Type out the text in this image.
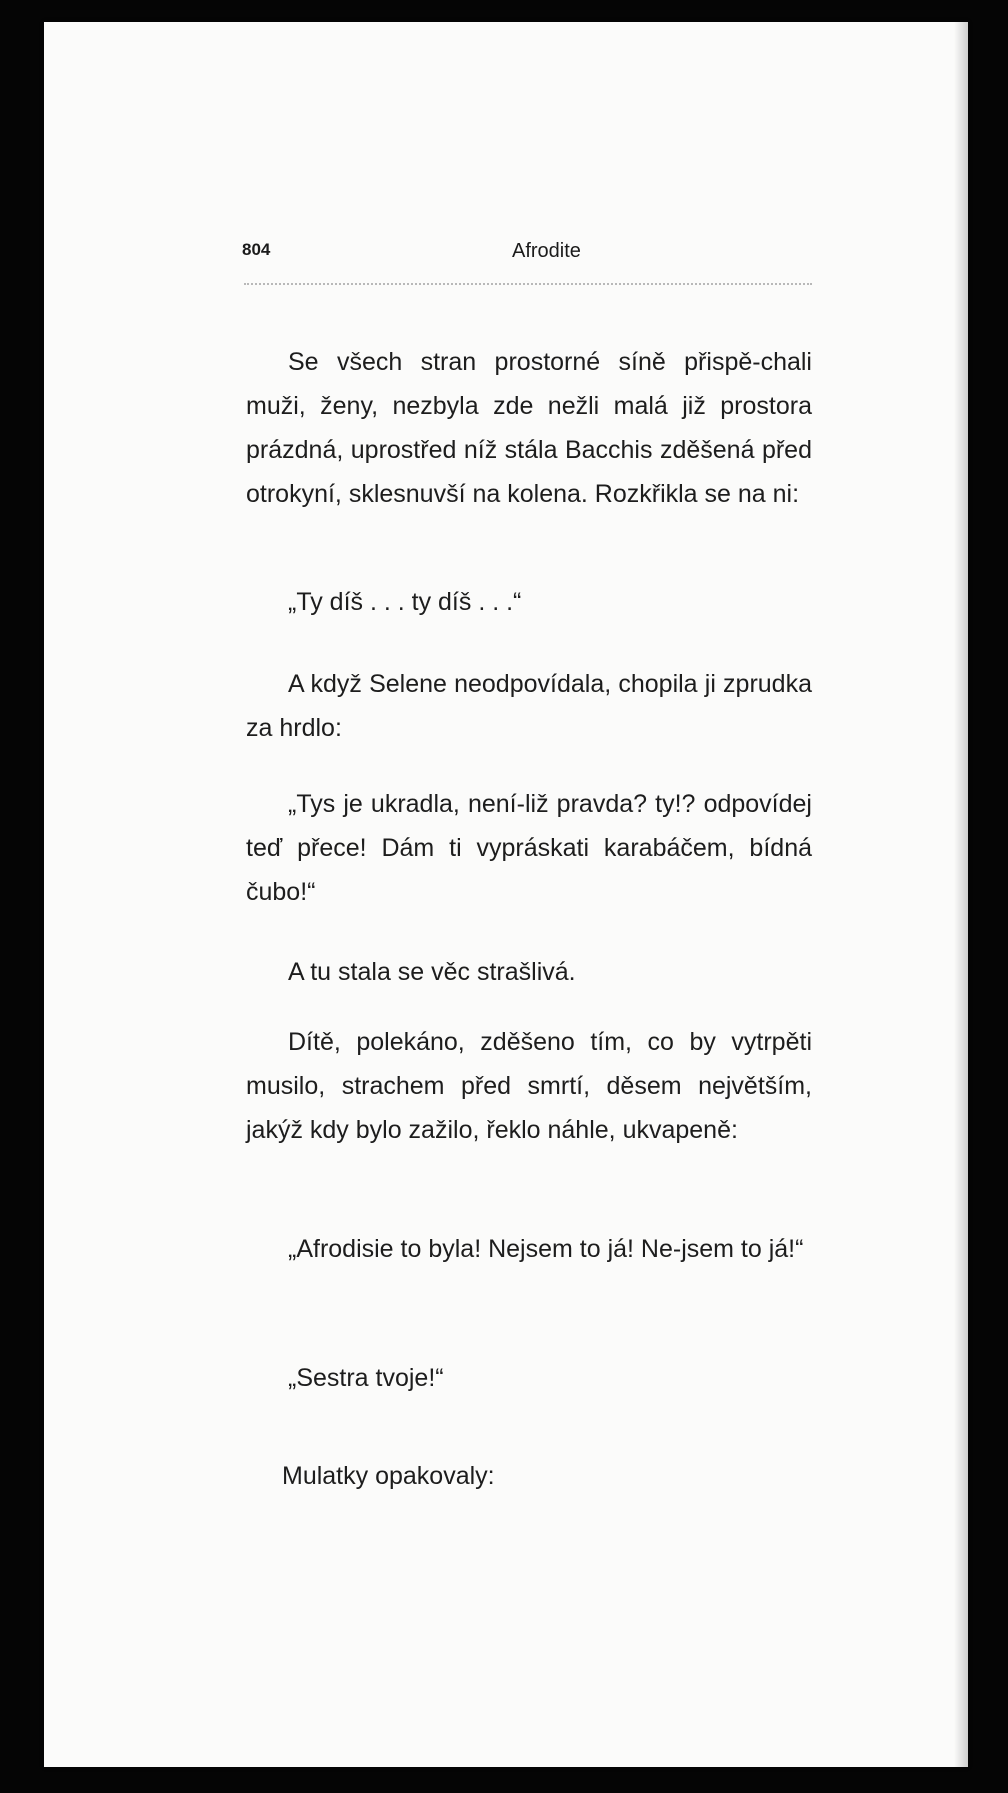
804	Afrodite

Se všech stran prostorné síně přispě-chali muži, ženy, nezbyla zde nežli malá již prostora prázdná, uprostřed níž stála Bacchis zděšená před otrokyní, sklesnuvší na kolena. Rozkřikla se na ni:

„Ty díš . . . ty díš . . .“

A když Selene neodpovídala, chopila ji zprudka za hrdlo:

„Tys je ukradla, není-liž pravda? ty!? odpovídej teď přece! Dám ti vypráskati karabáčem, bídná čubo!“

A tu stala se věc strašlivá.

Dítě, polekáno, zděšeno tím, co by vytrpěti musilo, strachem před smrtí, děsem největším, jakýž kdy bylo zažilo, řeklo náhle, ukvapeně:

„Afrodisie to byla! Nejsem to já! Ne-jsem to já!“

„Sestra tvoje!“

Mulatky opakovaly:
